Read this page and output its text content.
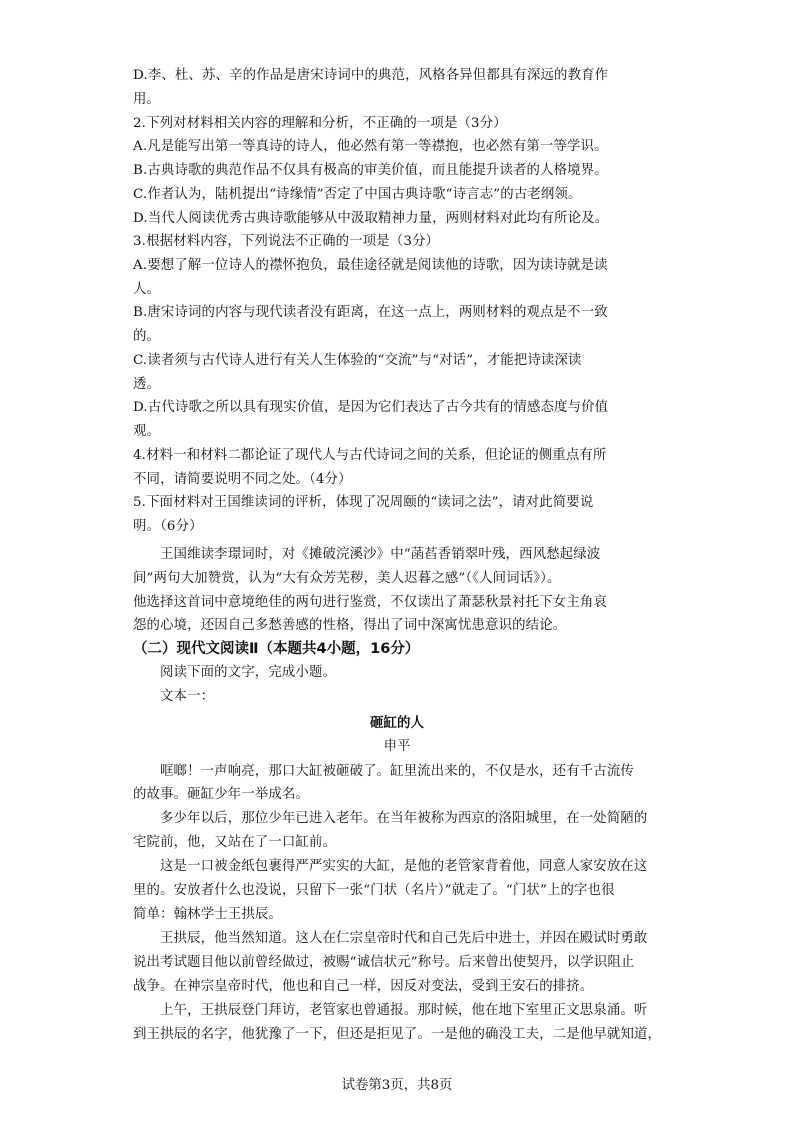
D.李、杜、苏、辛的作品是唐宋诗词中的典范，风格各异但都具有深远的教育作
用。
2.下列对材料相关内容的理解和分析，不正确的一项是（3分）
A.凡是能写出第一等真诗的诗人，他必然有第一等襟抱，也必然有第一等学识。
B.古典诗歌的典范作品不仅具有极高的审美价值，而且能提升读者的人格境界。
C.作者认为，陆机提出“诗缘情”否定了中国古典诗歌“诗言志”的古老纲领。
D.当代人阅读优秀古典诗歌能够从中汲取精神力量，两则材料对此均有所论及。
3.根据材料内容，下列说法不正确的一项是（3分）
A.要想了解一位诗人的襟怀抱负，最佳途径就是阅读他的诗歌，因为读诗就是读
人。
B.唐宋诗词的内容与现代读者没有距离，在这一点上，两则材料的观点是不一致
的。
C.读者须与古代诗人进行有关人生体验的“交流”与“对话”，才能把诗读深读
透。
D.古代诗歌之所以具有现实价值，是因为它们表达了古今共有的情感态度与价值
观。
4.材料一和材料二都论证了现代人与古代诗词之间的关系，但论证的侧重点有所
不同，请简要说明不同之处。（4分）
5.下面材料对王国维读词的评析，体现了况周颐的“读词之法”，请对此简要说
明。（6分）
王国维读李璟词时，对《摊破浣溪沙》中“菡萏香销翠叶残，西风愁起绿波
间”两句大加赞赏，认为“大有众芳芜秽，美人迟暮之感”（《人间词话》）。
他选择这首词中意境绝佳的两句进行鉴赏，不仅读出了萧瑟秋景衬托下女主角哀
怨的心境，还因自己多愁善感的性格，得出了词中深寓忧患意识的结论。
（二）现代文阅读Ⅱ（本题共4小题，16分）
阅读下面的文字，完成小题。
文本一：
砸缸的人
申平
哐啷！一声响亮，那口大缸被砸破了。缸里流出来的，不仅是水，还有千古流传
的故事。砸缸少年一举成名。
多少年以后，那位少年已进入老年。在当年被称为西京的洛阳城里，在一处简陋的
宅院前，他，又站在了一口缸前。
这是一口被金纸包裹得严严实实的大缸，是他的老管家背着他，同意人家安放在这
里的。安放者什么也没说，只留下一张“门状（名片）”就走了。“门状”上的字也很
简单：翰林学士王拱辰。
王拱辰，他当然知道。这人在仁宗皇帝时代和自己先后中进士，并因在殿试时勇敢
说出考试题目他以前曾经做过，被赐“诚信状元”称号。后来曾出使契丹，以学识阻止
战争。在神宗皇帝时代，他也和自己一样，因反对变法，受到王安石的排挤。
上午，王拱辰登门拜访，老管家也曾通报。那时候，他在地下室里正文思泉涌。听
到王拱辰的名字，他犹豫了一下，但还是拒见了。一是他的确没工夫，二是他早就知道，
试卷第3页，共8页
